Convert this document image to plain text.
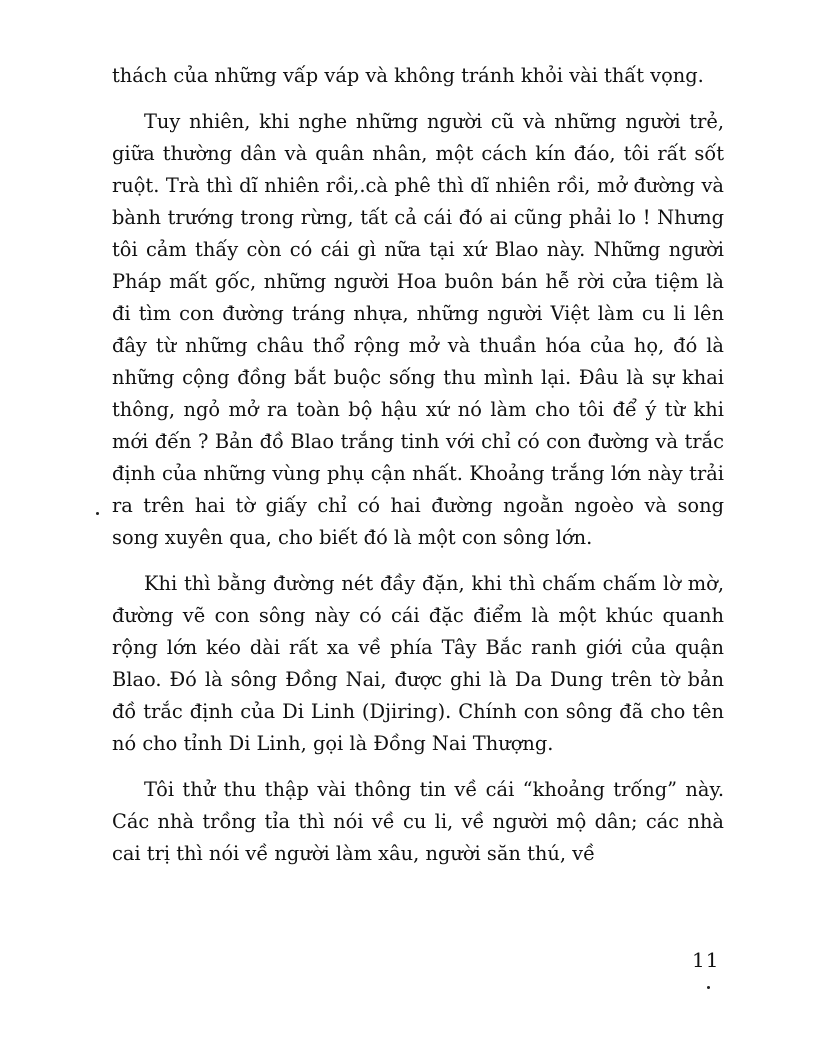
thách của những vấp váp và không tránh khỏi vài thất vọng.

Tuy nhiên, khi nghe những người cũ và những người trẻ, giữa thường dân và quân nhân, một cách kín đáo, tôi rất sốt ruột. Trà thì dĩ nhiên rồi,.cà phê thì dĩ nhiên rồi, mở đường và bành trướng trong rừng, tất cả cái đó ai cũng phải lo ! Nhưng tôi cảm thấy còn có cái gì nữa tại xứ Blao này. Những người Pháp mất gốc, những người Hoa buôn bán hễ rời cửa tiệm là đi tìm con đường tráng nhựa, những người Việt làm cu li lên đây từ những châu thổ rộng mở và thuần hóa của họ, đó là những cộng đồng bắt buộc sống thu mình lại. Đâu là sự khai thông, ngỏ mở ra toàn bộ hậu xứ nó làm cho tôi để ý từ khi mới đến ? Bản đồ Blao trắng tinh với chỉ có con đường và trắc định của những vùng phụ cận nhất. Khoảng trắng lớn này trải ra trên hai tờ giấy chỉ có hai đường ngoằn ngoèo và song song xuyên qua, cho biết đó là một con sông lớn.

Khi thì bằng đường nét đầy đặn, khi thì chấm chấm lờ mờ, đường vẽ con sông này có cái đặc điểm là một khúc quanh rộng lớn kéo dài rất xa về phía Tây Bắc ranh giới của quận Blao. Đó là sông Đồng Nai, được ghi là Da Dung trên tờ bản đồ trắc định của Di Linh (Djiring). Chính con sông đã cho tên nó cho tỉnh Di Linh, gọi là Đồng Nai Thượng.

Tôi thử thu thập vài thông tin về cái “khoảng trống” này. Các nhà trồng tỉa thì nói về cu li, về người mộ dân; các nhà cai trị thì nói về người làm xâu, người săn thú, về

11
